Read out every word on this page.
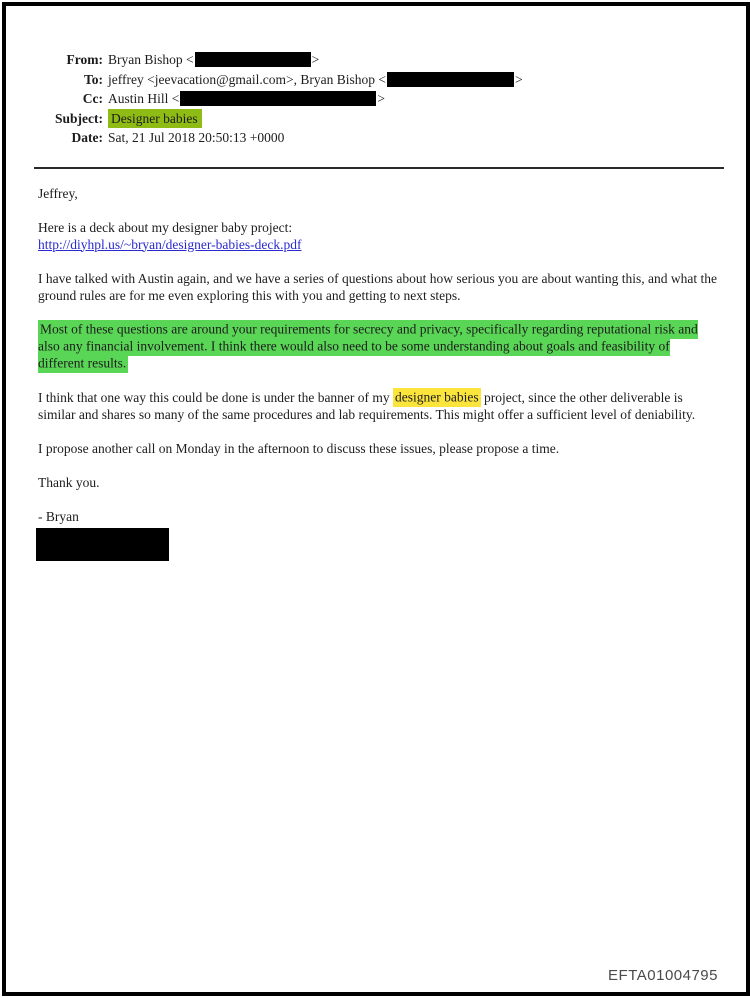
From: Bryan Bishop <	>
To: jeffrey <jeevacation@gmail.com>, Bryan Bishop <	>
Cc: Austin Hill <	>
Subject: Designer babies
Date: Sat, 21 Jul 2018 20:50:13 +0000

Jeffrey,

Here is a deck about my designer baby project:
http://diyhpl.us/~bryan/designer-babies-deck.pdf

I have talked with Austin again, and we have a series of questions about how serious you are about wanting this, and what the ground rules are for me even exploring this with you and getting to next steps.

Most of these questions are around your requirements for secrecy and privacy, specifically regarding reputational risk and also any financial involvement. I think there would also need to be some understanding about goals and feasibility of different results.

I think that one way this could be done is under the banner of my designer babies project, since the other deliverable is similar and shares so many of the same procedures and lab requirements. This might offer a sufficient level of deniability.

I propose another call on Monday in the afternoon to discuss these issues, please propose a time.

Thank you.

- Bryan

EFTA01004795
